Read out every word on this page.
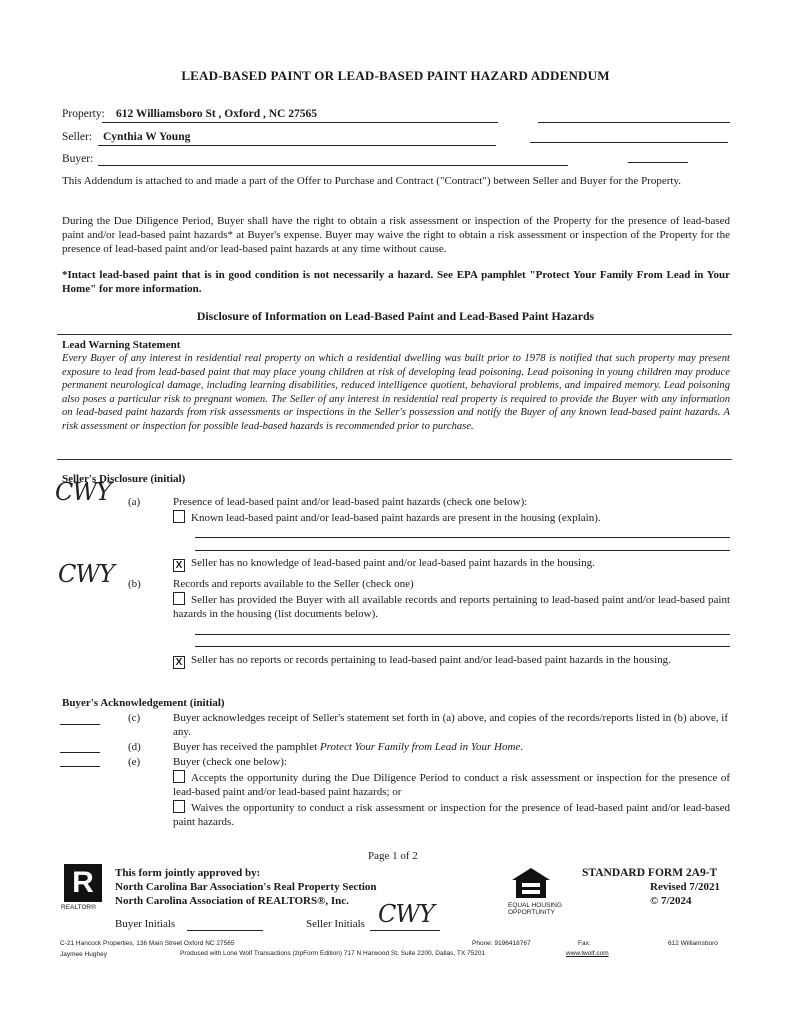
LEAD-BASED PAINT OR LEAD-BASED PAINT HAZARD ADDENDUM
Property: 612 Williamsboro St , Oxford , NC 27565
Seller: Cynthia W Young
Buyer:
This Addendum is attached to and made a part of the Offer to Purchase and Contract ("Contract") between Seller and Buyer for the Property.
During the Due Diligence Period, Buyer shall have the right to obtain a risk assessment or inspection of the Property for the presence of lead-based paint and/or lead-based paint hazards* at Buyer's expense. Buyer may waive the right to obtain a risk assessment or inspection of the Property for the presence of lead-based paint and/or lead-based paint hazards at any time without cause.
*Intact lead-based paint that is in good condition is not necessarily a hazard. See EPA pamphlet "Protect Your Family From Lead in Your Home" for more information.
Disclosure of Information on Lead-Based Paint and Lead-Based Paint Hazards
Lead Warning Statement
Every Buyer of any interest in residential real property on which a residential dwelling was built prior to 1978 is notified that such property may present exposure to lead from lead-based paint that may place young children at risk of developing lead poisoning. Lead poisoning in young children may produce permanent neurological damage, including learning disabilities, reduced intelligence quotient, behavioral problems, and impaired memory. Lead poisoning also poses a particular risk to pregnant women. The Seller of any interest in residential real property is required to provide the Buyer with any information on lead-based paint hazards from risk assessments or inspections in the Seller's possession and notify the Buyer of any known lead-based paint hazards. A risk assessment or inspection for possible lead-based hazards is recommended prior to purchase.
Seller's Disclosure (initial)
CWY (a)	Presence of lead-based paint and/or lead-based paint hazards (check one below):
Known lead-based paint and/or lead-based paint hazards are present in the housing (explain).
X Seller has no knowledge of lead-based paint and/or lead-based paint hazards in the housing.
CWY (b)	Records and reports available to the Seller (check one)
Seller has provided the Buyer with all available records and reports pertaining to lead-based paint and/or lead-based paint hazards in the housing (list documents below).
X Seller has no reports or records pertaining to lead-based paint and/or lead-based paint hazards in the housing.
Buyer's Acknowledgement (initial)
(c)	Buyer acknowledges receipt of Seller's statement set forth in (a) above, and copies of the records/reports listed in (b) above, if any.
(d)	Buyer has received the pamphlet Protect Your Family from Lead in Your Home.
(e)	Buyer (check one below):
Accepts the opportunity during the Due Diligence Period to conduct a risk assessment or inspection for the presence of lead-based paint and/or lead-based paint hazards; or
Waives the opportunity to conduct a risk assessment or inspection for the presence of lead-based paint and/or lead-based paint hazards.
Page 1 of 2
R
REALTOR®
This form jointly approved by:
North Carolina Bar Association's Real Property Section
North Carolina Association of REALTORS®, Inc.	EQUAL HOUSING OPPORTUNITY
STANDARD FORM 2A9-T
Revised 7/2021
© 7/2024
Buyer Initials	Seller Initials CWY
C-21 Hancock Properties, 136 Main Street Oxford NC 27565
Jaymee Hughey
Phone: 9196418767	Fax:	612 Williamsboro
Produced with Lone Wolf Transactions (zipForm Edition) 717 N Harwood St, Suite 2200, Dallas, TX 75201	www.lwolf.com
